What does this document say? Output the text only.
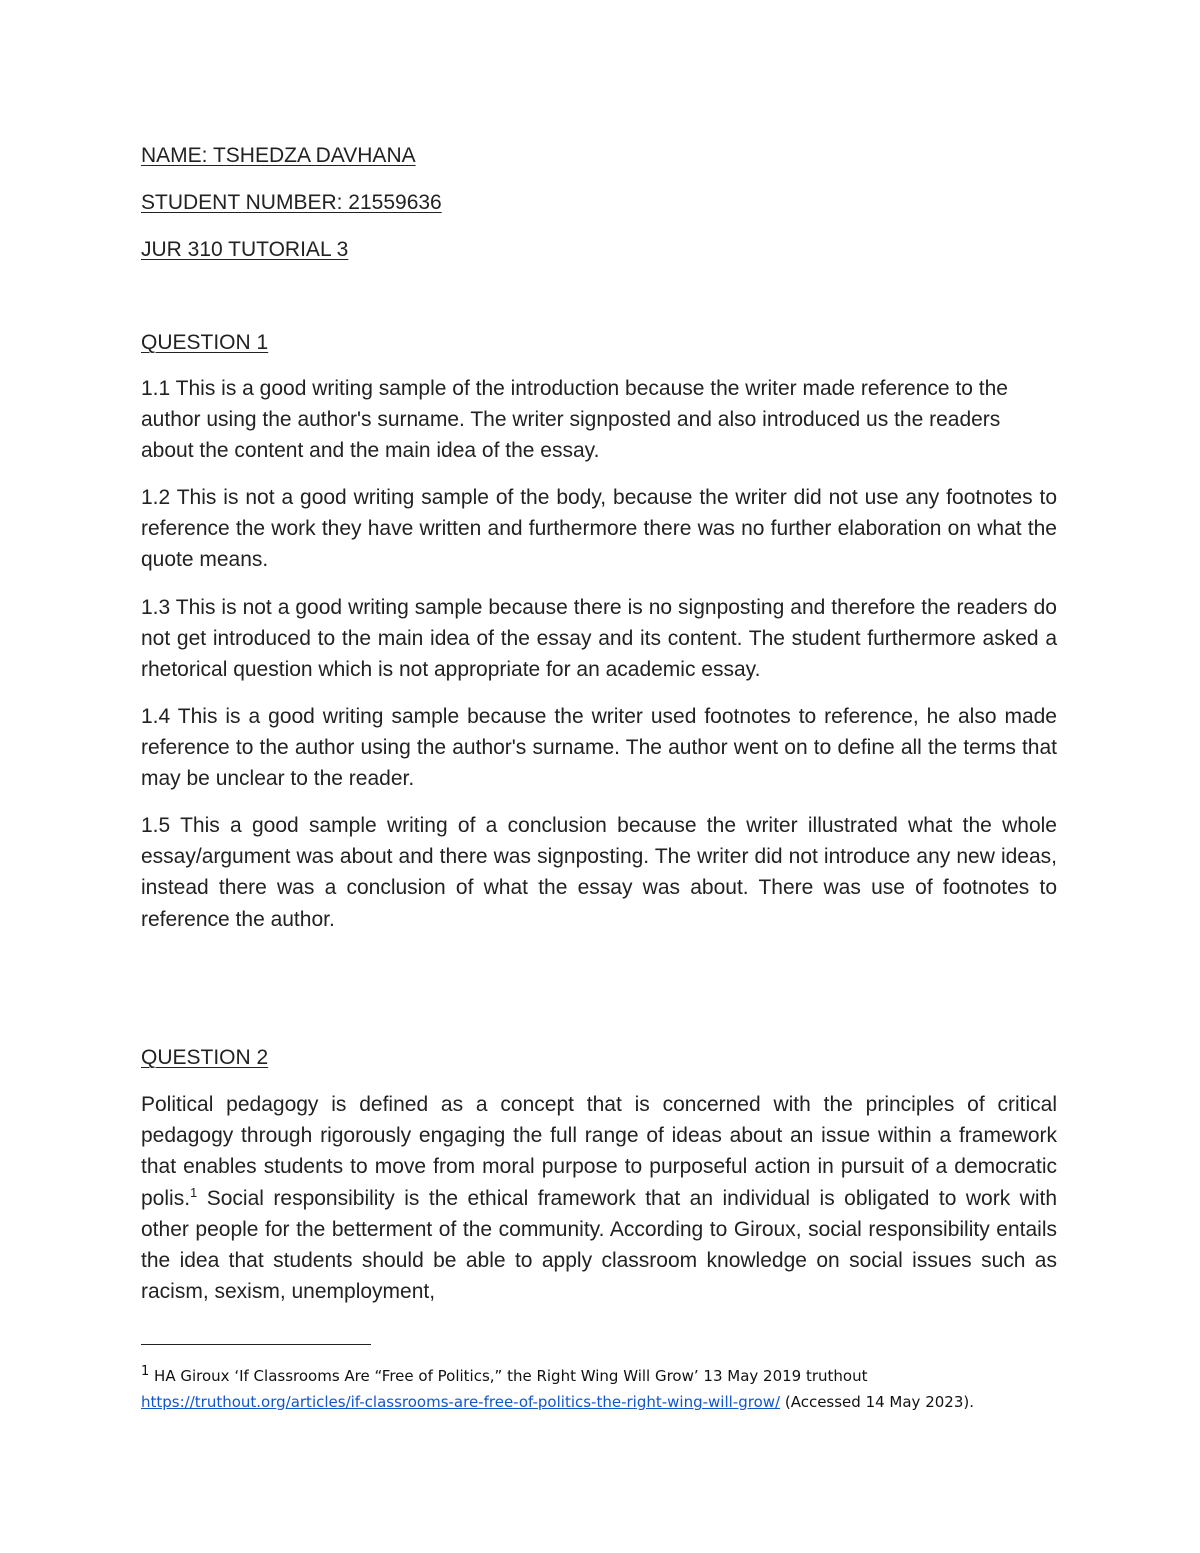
NAME: TSHEDZA DAVHANA
STUDENT NUMBER: 21559636
JUR 310 TUTORIAL 3
QUESTION 1

1.1 This is a good writing sample of the introduction because the writer made reference to the author using the author's surname. The writer signposted and also introduced us the readers about the content and the main idea of the essay.

1.2 This is not a good writing sample of the body, because the writer did not use any footnotes to reference the work they have written and furthermore there was no further elaboration on what the quote means.

1.3 This is not a good writing sample because there is no signposting and therefore the readers do not get introduced to the main idea of the essay and its content. The student furthermore asked a rhetorical question which is not appropriate for an academic essay.

1.4 This is a good writing sample because the writer used footnotes to reference, he also made reference to the author using the author's surname. The author went on to define all the terms that may be unclear to the reader.

1.5 This a good sample writing of a conclusion because the writer illustrated what the whole essay/argument was about and there was signposting. The writer did not introduce any new ideas, instead there was a conclusion of what the essay was about. There was use of footnotes to reference the author.

QUESTION 2

Political pedagogy is defined as a concept that is concerned with the principles of critical pedagogy through rigorously engaging the full range of ideas about an issue within a framework that enables students to move from moral purpose to purposeful action in pursuit of a democratic polis.$^1$ Social responsibility is the ethical framework that an individual is obligated to work with other people for the betterment of the community. According to Giroux, social responsibility entails the idea that students should be able to apply classroom knowledge on social issues such as racism, sexism, unemployment,

$^1$ HA Giroux ‘If Classrooms Are “Free of Politics,” the Right Wing Will Grow’ 13 May 2019 truthout https://truthout.org/articles/if-classrooms-are-free-of-politics-the-right-wing-will-grow/ (Accessed 14 May 2023).
